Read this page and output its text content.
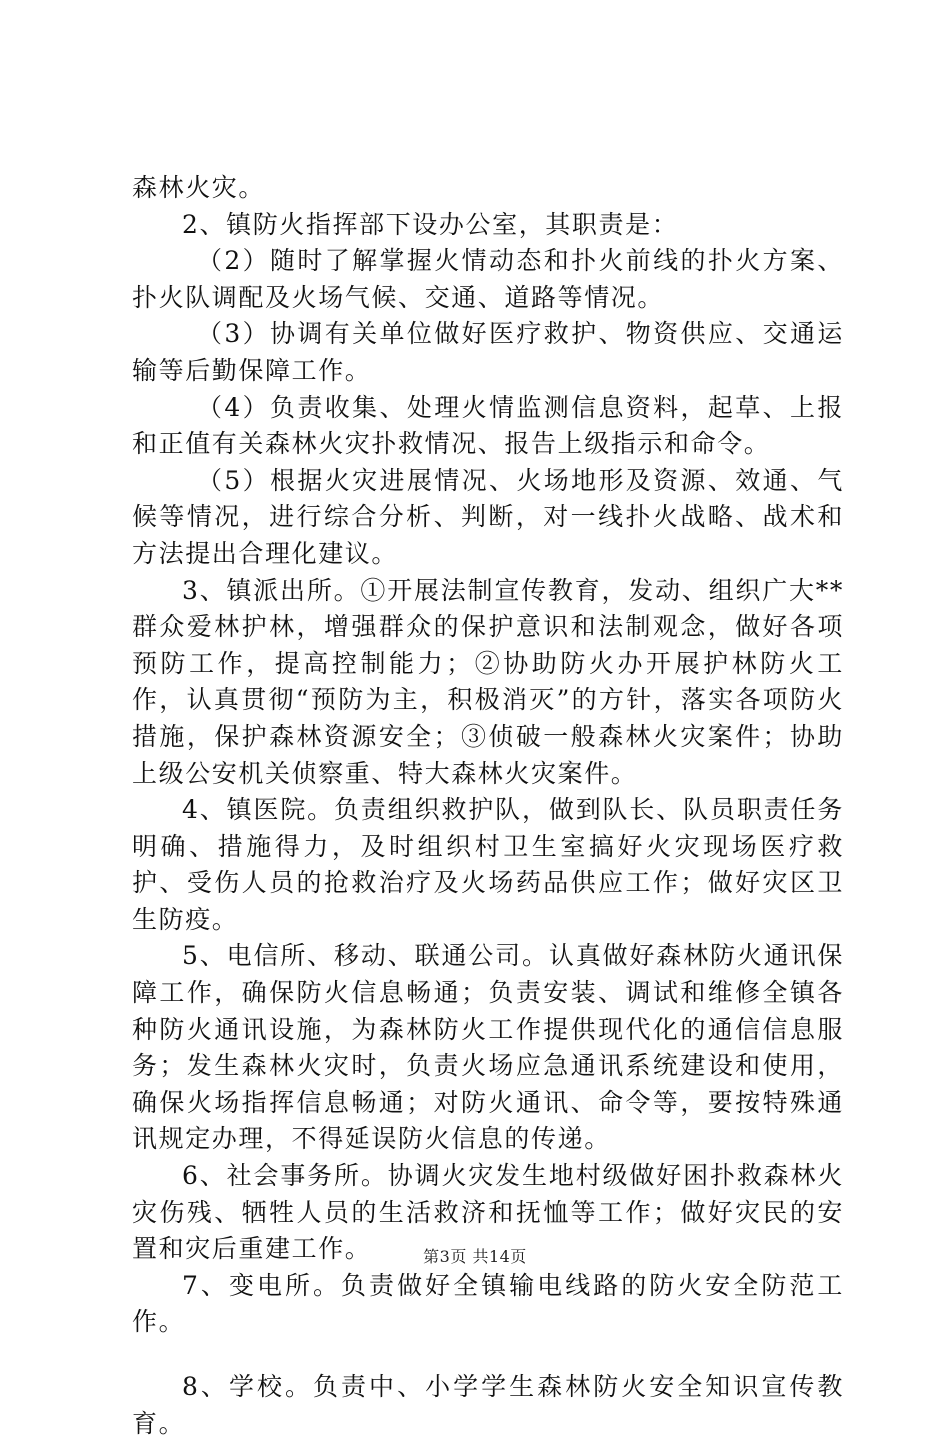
森林火灾。

2、镇防火指挥部下设办公室，其职责是：

（2）随时了解掌握火情动态和扑火前线的扑火方案、扑火队调配及火场气候、交通、道路等情况。

（3）协调有关单位做好医疗救护、物资供应、交通运输等后勤保障工作。

（4）负责收集、处理火情监测信息资料，起草、上报和正值有关森林火灾扑救情况、报告上级指示和命令。

（5）根据火灾进展情况、火场地形及资源、效通、气候等情况，进行综合分析、判断，对一线扑火战略、战术和方法提出合理化建议。

3、镇派出所。①开展法制宣传教育，发动、组织广大**群众爱林护林，增强群众的保护意识和法制观念，做好各项预防工作，提高控制能力；②协助防火办开展护林防火工作，认真贯彻“预防为主，积极消灭”的方针，落实各项防火措施，保护森林资源安全；③侦破一般森林火灾案件；协助上级公安机关侦察重、特大森林火灾案件。

4、镇医院。负责组织救护队，做到队长、队员职责任务明确、措施得力，及时组织村卫生室搞好火灾现场医疗救护、受伤人员的抢救治疗及火场药品供应工作；做好灾区卫生防疫。

5、电信所、移动、联通公司。认真做好森林防火通讯保障工作，确保防火信息畅通；负责安装、调试和维修全镇各种防火通讯设施，为森林防火工作提供现代化的通信信息服务；发生森林火灾时，负责火场应急通讯系统建设和使用，确保火场指挥信息畅通；对防火通讯、命令等，要按特殊通讯规定办理，不得延误防火信息的传递。

6、社会事务所。协调火灾发生地村级做好困扑救森林火灾伤残、牺牲人员的生活救济和抚恤等工作；做好灾民的安置和灾后重建工作。

7、变电所。负责做好全镇输电线路的防火安全防范工作。

8、学校。负责中、小学学生森林防火安全知识宣传教育。

第3页 共14页
